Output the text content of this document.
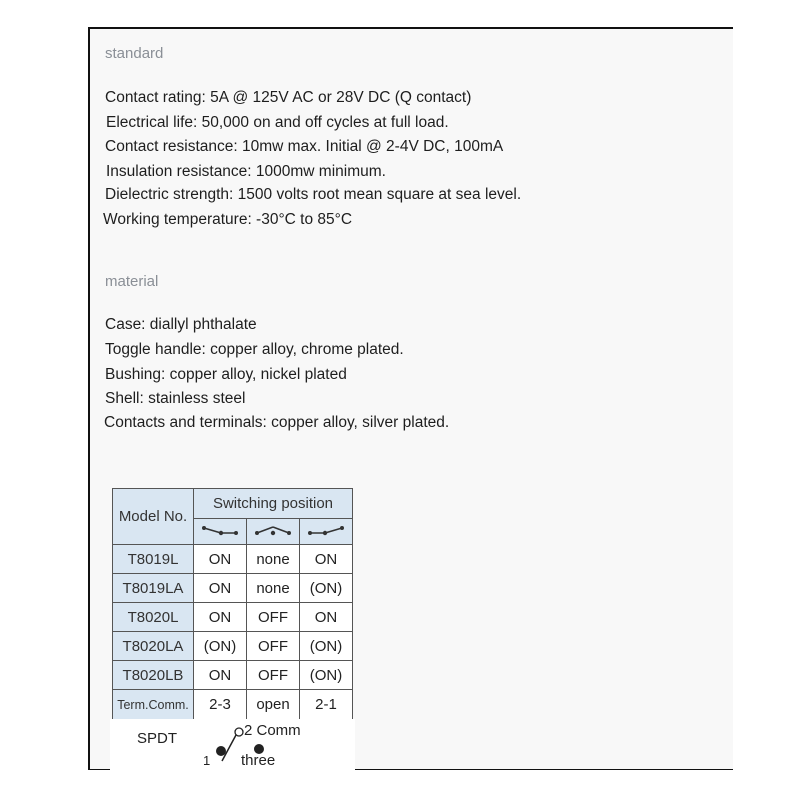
standard
Contact rating: 5A @ 125V AC or 28V DC (Q contact)
Electrical life: 50,000 on and off cycles at full load.
Contact resistance: 10mw max. Initial @ 2-4V DC, 100mA
Insulation resistance: 1000mw minimum.
Dielectric strength: 1500 volts root mean square at sea level.
Working temperature: -30°C to 85°C
material
Case: diallyl phthalate
Toggle handle: copper alloy, chrome plated.
Bushing: copper alloy, nickel plated
Shell: stainless steel
Contacts and terminals: copper alloy, silver plated.
Model No.	Switching position		

T8019L	ON	none	ON
T8019LA	ON	none	(ON)
T8020L	ON	OFF	ON
T8020LA	(ON)	OFF	(ON)
T8020LB	ON	OFF	(ON)
Term.Comm.	2-3	open	2-1
SPDT	2 Comm
1 three
